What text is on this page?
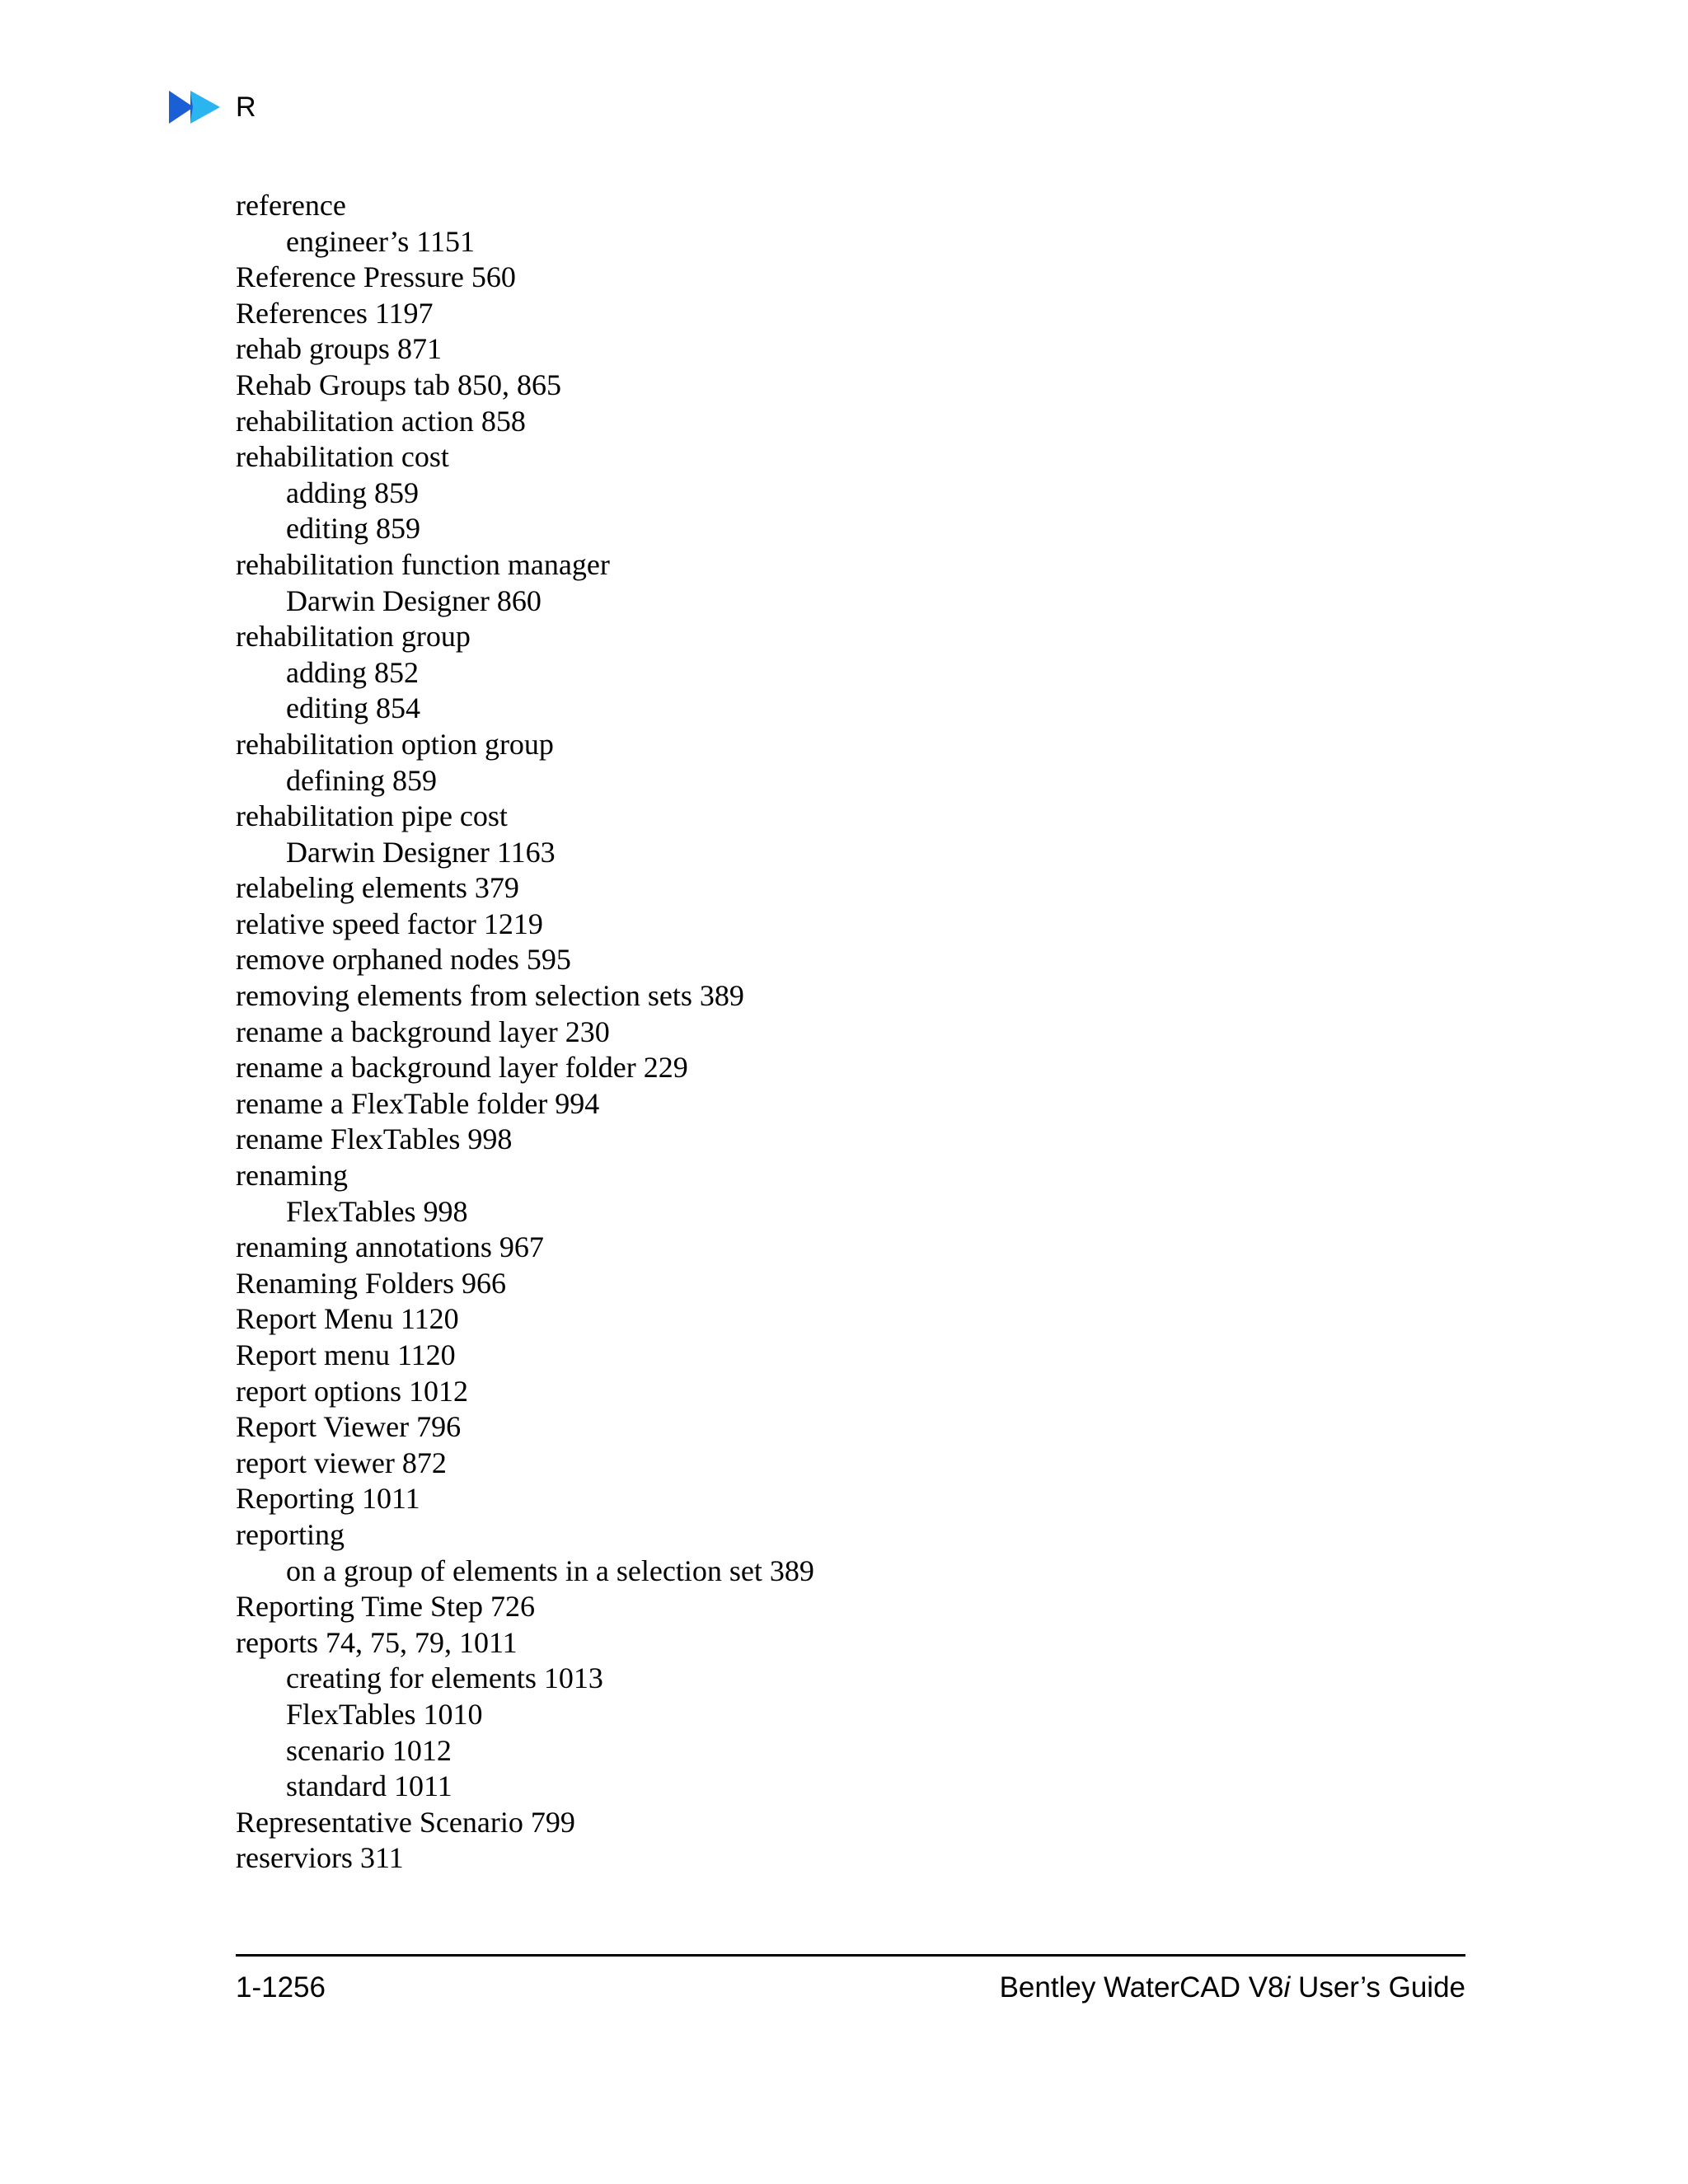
R
reference
engineer’s 1151
Reference Pressure 560
References 1197
rehab groups 871
Rehab Groups tab 850, 865
rehabilitation action 858
rehabilitation cost
adding 859
editing 859
rehabilitation function manager
Darwin Designer 860
rehabilitation group
adding 852
editing 854
rehabilitation option group
defining 859
rehabilitation pipe cost
Darwin Designer 1163
relabeling elements 379
relative speed factor 1219
remove orphaned nodes 595
removing elements from selection sets 389
rename a background layer 230
rename a background layer folder 229
rename a FlexTable folder 994
rename FlexTables 998
renaming
FlexTables 998
renaming annotations 967
Renaming Folders 966
Report Menu 1120
Report menu 1120
report options 1012
Report Viewer 796
report viewer 872
Reporting 1011
reporting
on a group of elements in a selection set 389
Reporting Time Step 726
reports 74, 75, 79, 1011
creating for elements 1013
FlexTables 1010
scenario 1012
standard 1011
Representative Scenario 799
reserviors 311
1-1256	Bentley WaterCAD V8i User’s Guide
